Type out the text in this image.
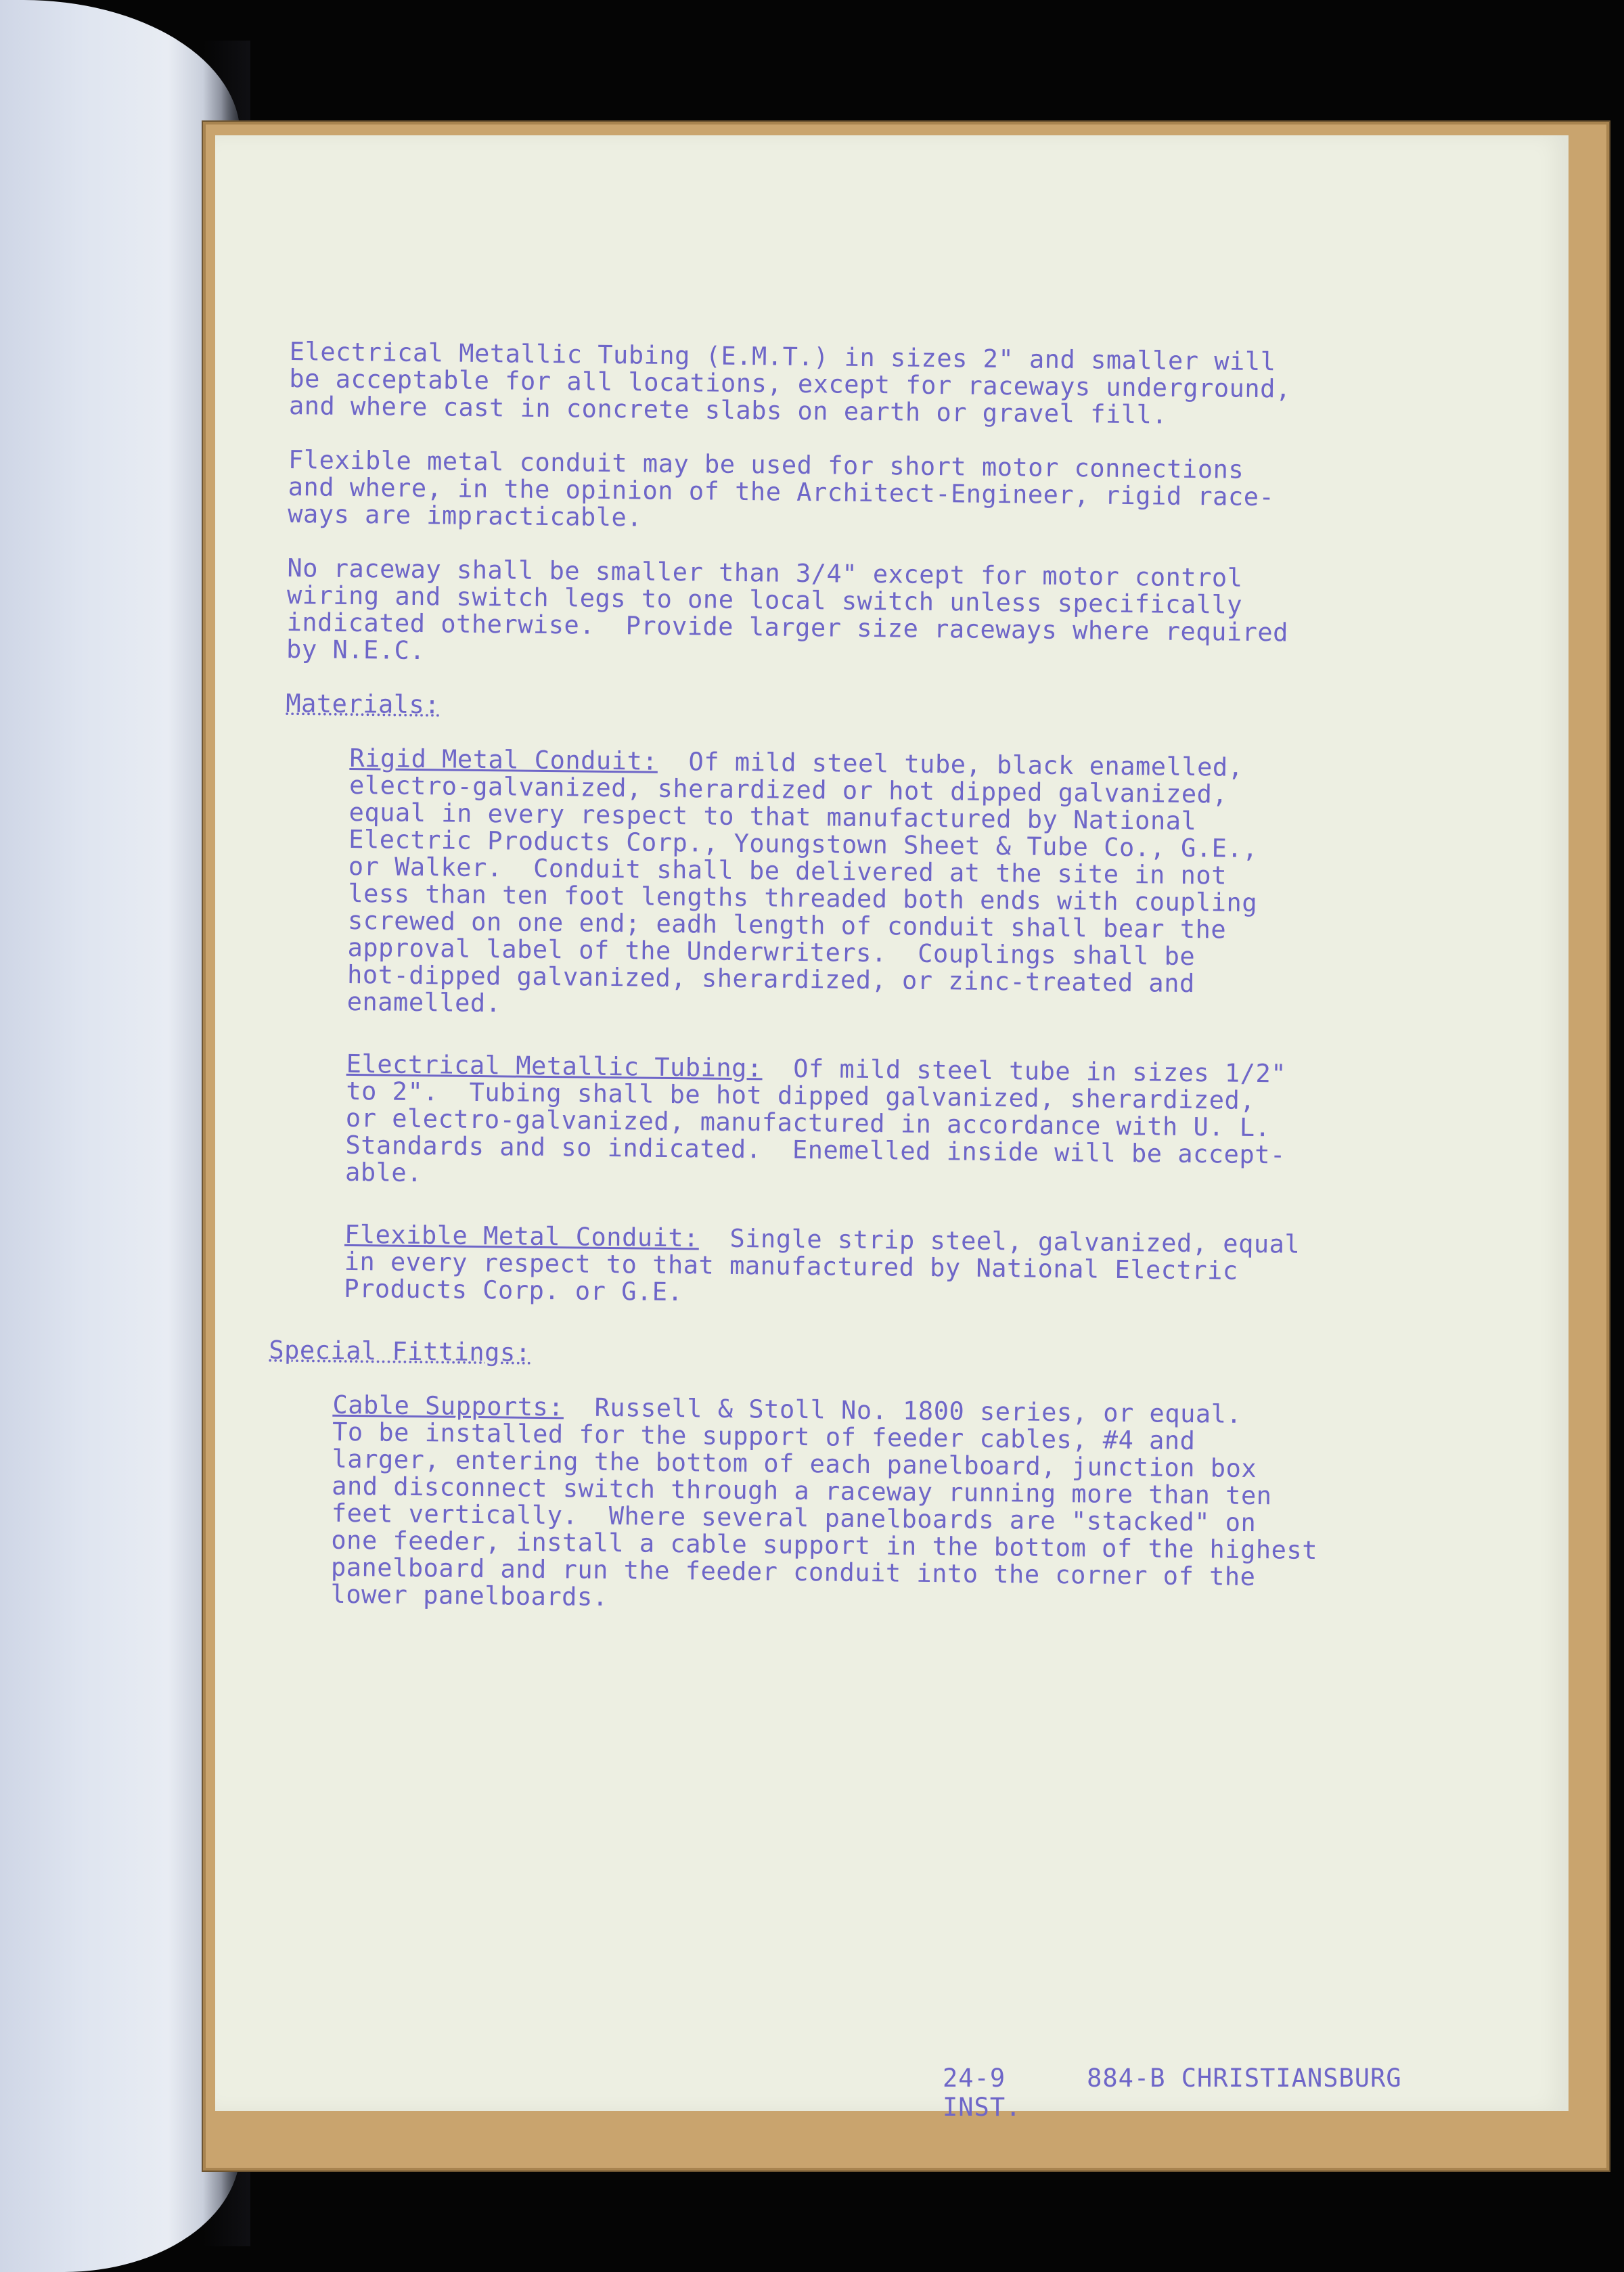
Electrical Metallic Tubing (E.M.T.) in sizes 2" and smaller will
be acceptable for all locations, except for raceways underground,
and where cast in concrete slabs on earth or gravel fill.

Flexible metal conduit may be used for short motor connections
and where, in the opinion of the Architect-Engineer, rigid race-
ways are impracticable.

No raceway shall be smaller than 3/4" except for motor control
wiring and switch legs to one local switch unless specifically
indicated otherwise.  Provide larger size raceways where required
by N.E.C.

Materials:

Rigid Metal Conduit:  Of mild steel tube, black enamelled,
electro-galvanized, sherardized or hot dipped galvanized,
equal in every respect to that manufactured by National
Electric Products Corp., Youngstown Sheet & Tube Co., G.E.,
or Walker.  Conduit shall be delivered at the site in not
less than ten foot lengths threaded both ends with coupling
screwed on one end; eadh length of conduit shall bear the
approval label of the Underwriters.  Couplings shall be
hot-dipped galvanized, sherardized, or zinc-treated and
enamelled.

Electrical Metallic Tubing:  Of mild steel tube in sizes 1/2"
to 2".  Tubing shall be hot dipped galvanized, sherardized,
or electro-galvanized, manufactured in accordance with U. L.
Standards and so indicated.  Enemelled inside will be accept-
able.

Flexible Metal Conduit:  Single strip steel, galvanized, equal
in every respect to that manufactured by National Electric
Products Corp. or G.E.

Special Fittings:

Cable Supports:  Russell & Stoll No. 1800 series, or equal.
To be installed for the support of feeder cables, #4 and
larger, entering the bottom of each panelboard, junction box
and disconnect switch through a raceway running more than ten
feet vertically.  Where several panelboards are "stacked" on
one feeder, install a cable support in the bottom of the highest
panelboard and run the feeder conduit into the corner of the
lower panelboards.

24-9	884-B CHRISTIANSBURG INST.
